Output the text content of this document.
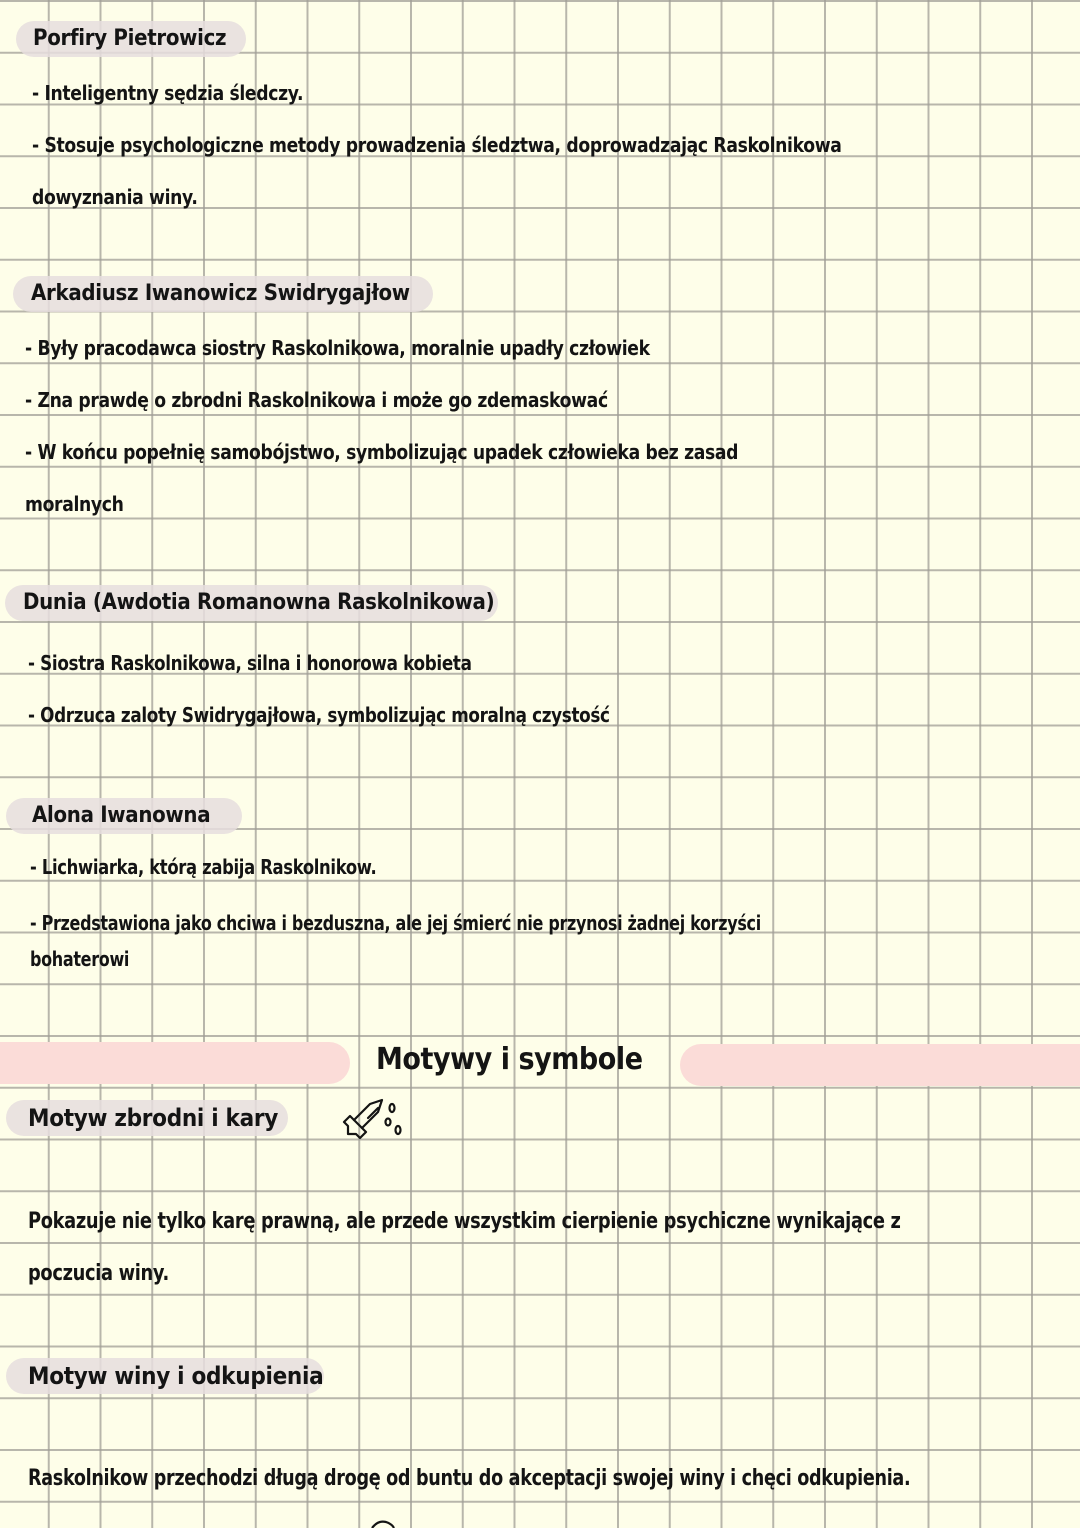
Porfiry Pietrowicz
- Inteligentny sędzia śledczy.
- Stosuje psychologiczne metody prowadzenia śledztwa, doprowadzając Raskolnikowa
dowyznania winy.
Arkadiusz Iwanowicz Swidrygajłow
- Były pracodawca siostry Raskolnikowa, moralnie upadły człowiek
- Zna prawdę o zbrodni Raskolnikowa i może go zdemaskować
- W końcu popełnię samobójstwo, symbolizując upadek człowieka bez zasad
moralnych
Dunia (Awdotia Romanowna Raskolnikowa)
- Siostra Raskolnikowa, silna i honorowa kobieta
- Odrzuca zaloty Swidrygajłowa, symbolizując moralną czystość
Alona Iwanowna
- Lichwiarka, którą zabija Raskolnikow.
- Przedstawiona jako chciwa i bezduszna, ale jej śmierć nie przynosi żadnej korzyści
bohaterowi
Motywy i symbole
Motyw zbrodni i kary
Pokazuje nie tylko karę prawną, ale przede wszystkim cierpienie psychiczne wynikające z
poczucia winy.
Motyw winy i odkupienia
Raskolnikow przechodzi długą drogę od buntu do akceptacji swojej winy i chęci odkupienia.
